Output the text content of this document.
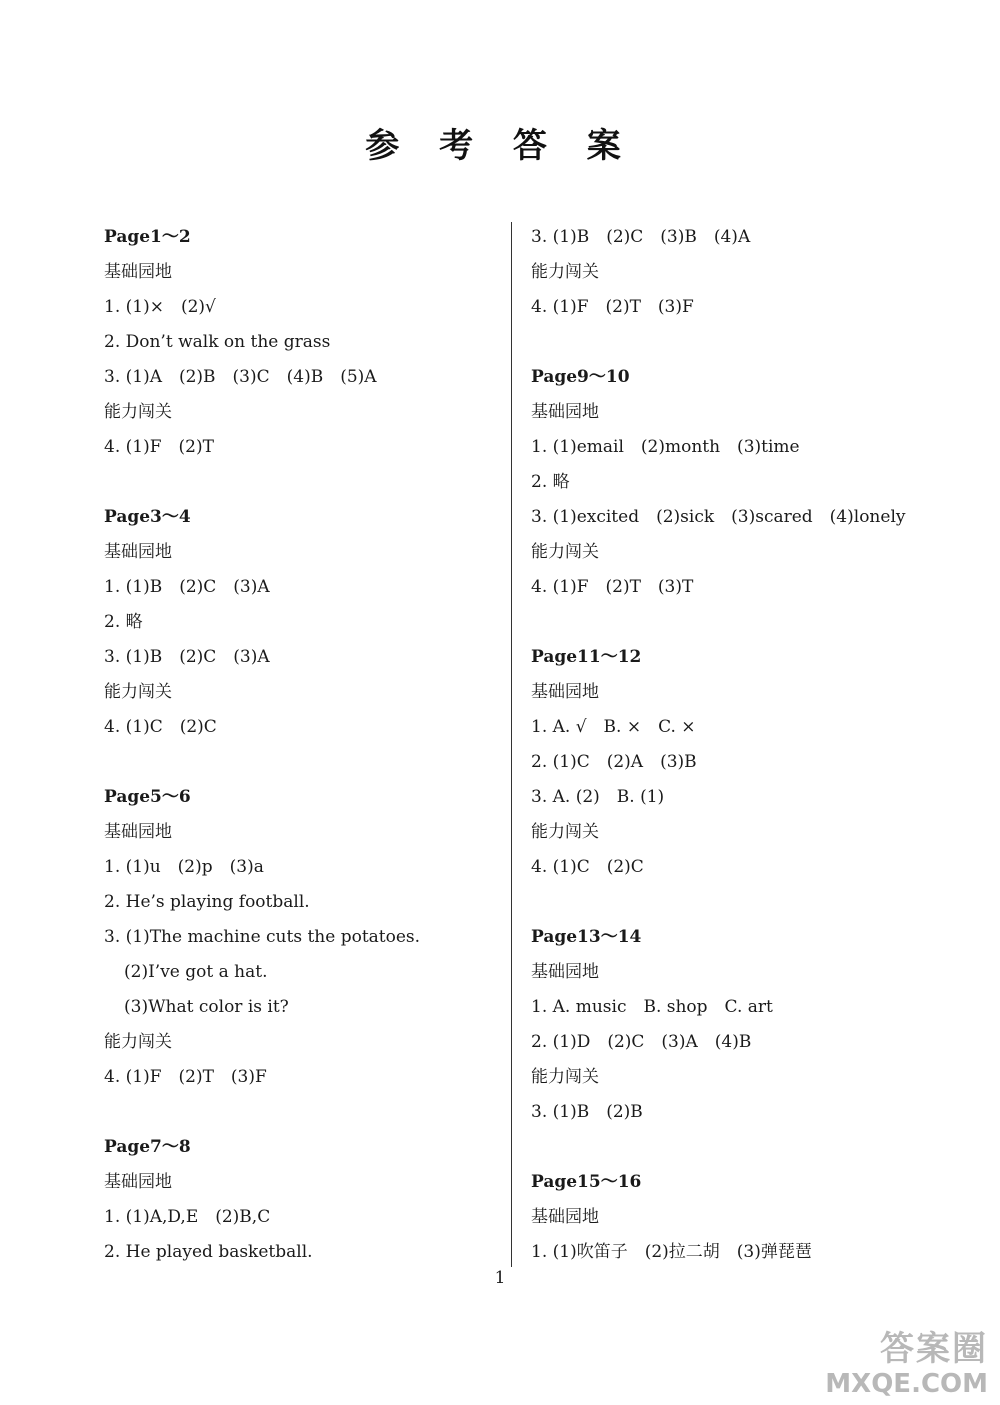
参 考 答 案
Page1～2
基础园地
1. (1)×　(2)√
2. Don’t walk on the grass
3. (1)A　(2)B　(3)C　(4)B　(5)A
能力闯关
4. (1)F　(2)T
Page3～4
基础园地
1. (1)B　(2)C　(3)A
2. 略
3. (1)B　(2)C　(3)A
能力闯关
4. (1)C　(2)C
Page5～6
基础园地
1. (1)u　(2)p　(3)a
2. He’s playing football.
3. (1)The machine cuts the potatoes.
(2)I’ve got a hat.
(3)What color is it?
能力闯关
4. (1)F　(2)T　(3)F
Page7～8
基础园地
1. (1)A,D,E　(2)B,C
2. He played basketball.
3. (1)B　(2)C　(3)B　(4)A
能力闯关
4. (1)F　(2)T　(3)F
Page9～10
基础园地
1. (1)email　(2)month　(3)time
2. 略
3. (1)excited　(2)sick　(3)scared　(4)lonely
能力闯关
4. (1)F　(2)T　(3)T
Page11～12
基础园地
1. A. √　B. ×　C. ×
2. (1)C　(2)A　(3)B
3. A. (2)　B. (1)
能力闯关
4. (1)C　(2)C
Page13～14
基础园地
1. A. music　B. shop　C. art
2. (1)D　(2)C　(3)A　(4)B
能力闯关
3. (1)B　(2)B
Page15～16
基础园地
1. (1)吹笛子　(2)拉二胡　(3)弹琵琶
1
答案圈
MXQE.COM
